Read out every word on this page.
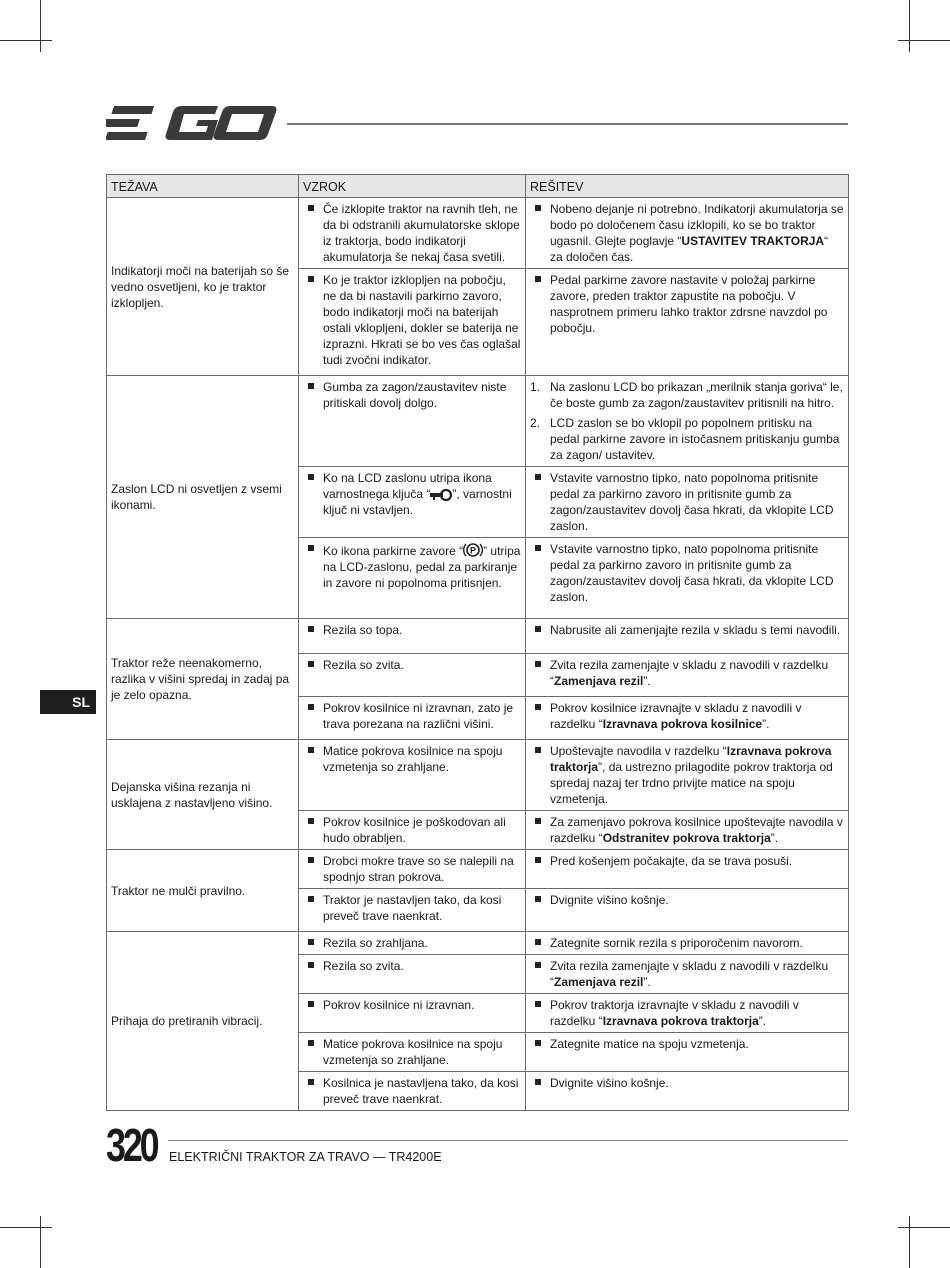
TEŽAVA	VZROK	REŠITEV
Indikatorji moči na baterijah so še vedno osvetljeni, ko je traktor izklopljen.	Če izklopite traktor na ravnih tleh, ne da bi odstranili akumulatorske sklope iz traktorja, bodo indikatorji akumulatorja še nekaj časa svetili.	Nobeno dejanje ni potrebno. Indikatorji akumulatorja se bodo po določenem času izklopili, ko se bo traktor ugasnil. Glejte poglavje “USTAVITEV TRAKTORJA“ za določen čas.

	Ko je traktor izklopljen na pobočju, ne da bi nastavili parkirno zavoro, bodo indikatorji moči na baterijah ostali vklopljeni, dokler se baterija ne izprazni. Hkrati se bo ves čas oglašal tudi zvočni indikator.	Pedal parkirne zavore nastavite v položaj parkirne zavore, preden traktor zapustite na pobočju. V nasprotnem primeru lahko traktor zdrsne navzdol po pobočju.

Zaslon LCD ni osvetljen z vsemi ikonami.	Gumba za zagon/zaustavitev niste pritiskali dovolj dolgo.	1. Na zaslonu LCD bo prikazan „merilnik stanja goriva“ le, če boste gumb za zagon/zaustavitev pritisnili na hitro.
2. LCD zaslon se bo vklopil po popolnem pritisku na pedal parkirne zavore in istočasnem pritiskanju gumba za zagon/ ustavitev.

	Ko na LCD zaslonu utripa ikona varnostnega ključa “ ”, varnostni ključ ni vstavljen.	Vstavite varnostno tipko, nato popolnoma pritisnite pedal za parkirno zavoro in pritisnite gumb za zagon/zaustavitev dovolj časa hkrati, da vklopite LCD zaslon.

	Ko ikona parkirne zavore “ P ” utripa na LCD-zaslonu, pedal za parkiranje in zavore ni popolnoma pritisnjen.	Vstavite varnostno tipko, nato popolnoma pritisnite pedal za parkirno zavoro in pritisnite gumb za zagon/zaustavitev dovolj časa hkrati, da vklopite LCD zaslon.

Traktor reže neenakomerno, razlika v višini spredaj in zadaj pa je zelo opazna.	Rezila so topa.	Nabrusite ali zamenjajte rezila v skladu s temi navodili.

	Rezila so zvita.	Zvita rezila zamenjajte v skladu z navodili v razdelku “Zamenjava rezil”.

	Pokrov kosilnice ni izravnan, zato je trava porezana na različni višini.	Pokrov kosilnice izravnajte v skladu z navodili v razdelku “Izravnava pokrova kosilnice”.

Dejanska višina rezanja ni usklajena z nastavljeno višino.	Matice pokrova kosilnice na spoju vzmetenja so zrahljane.	Upoštevajte navodila v razdelku “Izravnava pokrova traktorja”, da ustrezno prilagodite pokrov traktorja od spredaj nazaj ter trdno privijte matice na spoju vzmetenja.

	Pokrov kosilnice je poškodovan ali hudo obrabljen.	Za zamenjavo pokrova kosilnice upoštevajte navodila v razdelku “Odstranitev pokrova traktorja”.

Traktor ne mulči pravilno.	Drobci mokre trave so se nalepili na spodnjo stran pokrova.	Pred košenjem počakajte, da se trava posuši.

	Traktor je nastavljen tako, da kosi preveč trave naenkrat.	Dvignite višino košnje.

Prihaja do pretiranih vibracij.	Rezila so zrahljana.	Zategnite sornik rezila s priporočenim navorom.

	Rezila so zvita.	Zvita rezila zamenjajte v skladu z navodili v razdelku “Zamenjava rezil”.

	Pokrov kosilnice ni izravnan.	Pokrov traktorja izravnajte v skladu z navodili v razdelku “Izravnava pokrova traktorja”.

	Matice pokrova kosilnice na spoju vzmetenja so zrahljane.	Zategnite matice na spoju vzmetenja.

	Kosilnica je nastavljena tako, da kosi preveč trave naenkrat.	Dvignite višino košnje.
SL
320 ELEKTRIČNI TRAKTOR ZA TRAVO — TR4200E
